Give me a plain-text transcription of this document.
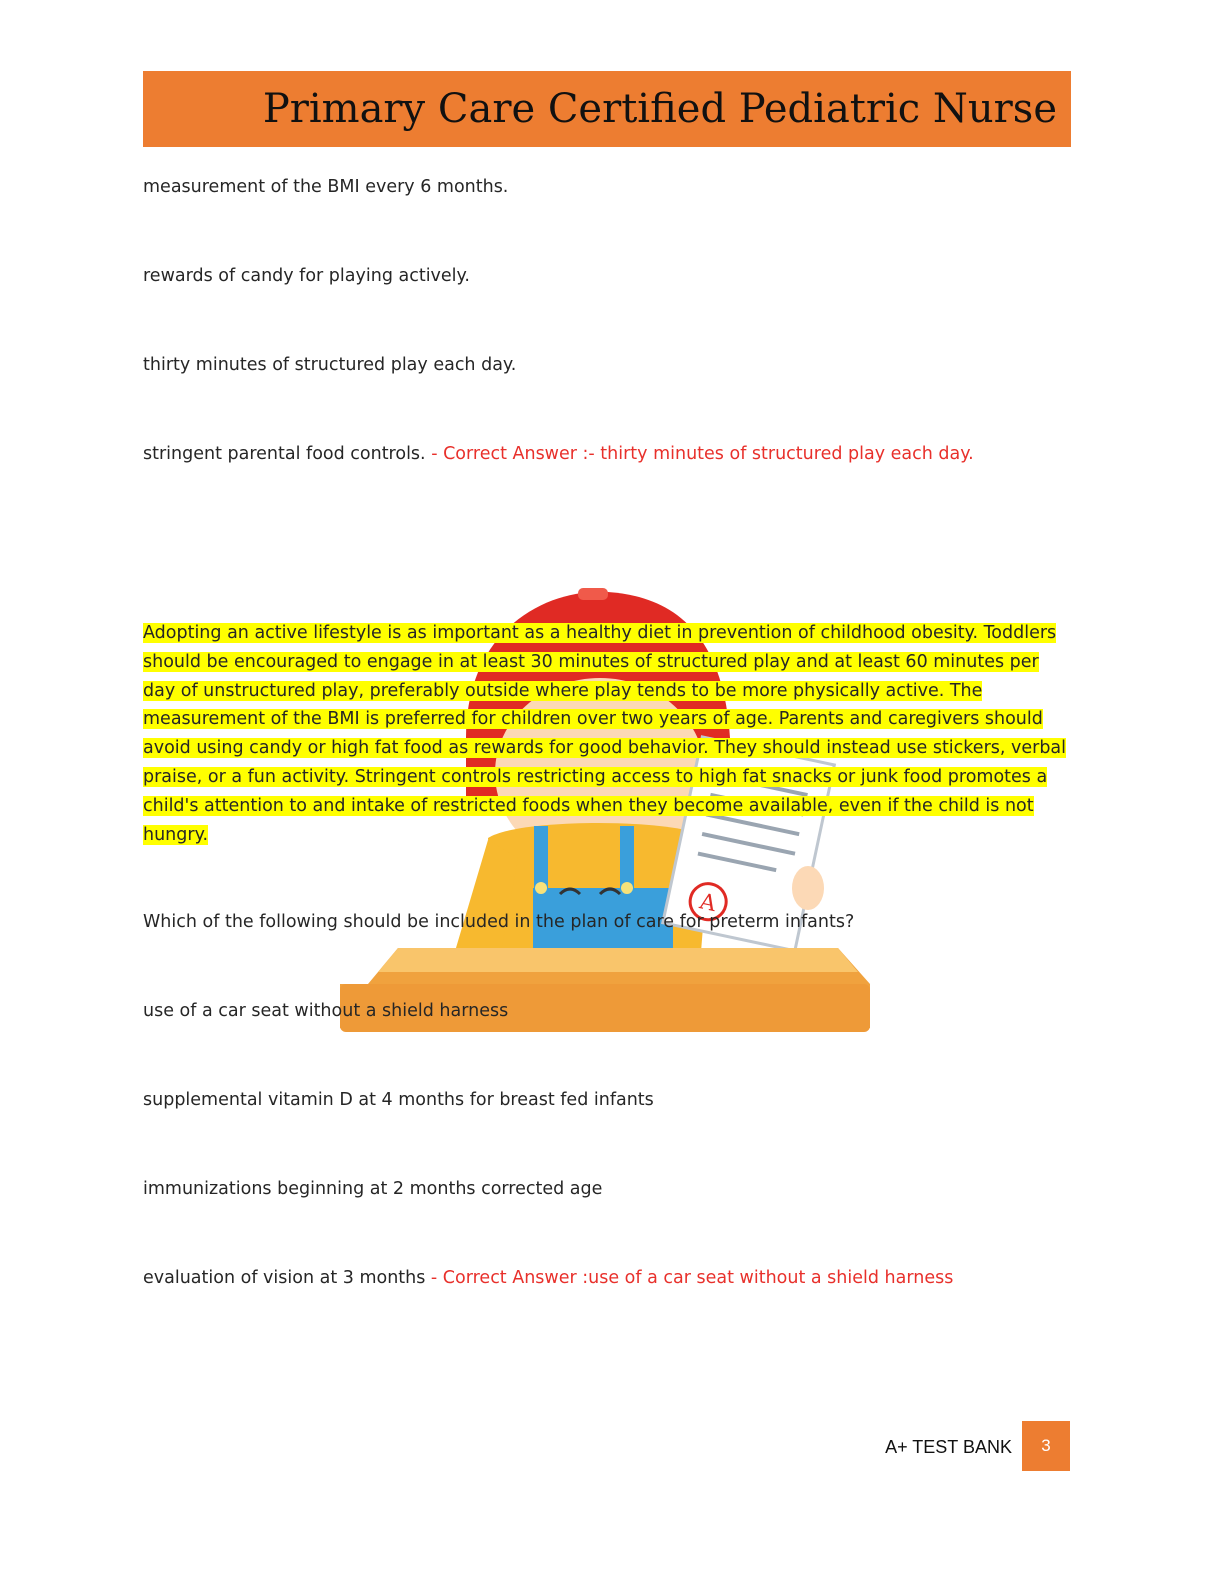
Primary Care Certified Pediatric Nurse
measurement of the BMI every 6 months.
rewards of candy for playing actively.
thirty minutes of structured play each day.
stringent parental food controls. - Correct Answer :- thirty minutes of structured play each day.
A
Adopting an active lifestyle is as important as a healthy diet in prevention of childhood obesity. Toddlers should be encouraged to engage in at least 30 minutes of structured play and at least 60 minutes per day of unstructured play, preferably outside where play tends to be more physically active. The measurement of the BMI is preferred for children over two years of age. Parents and caregivers should avoid using candy or high fat food as rewards for good behavior. They should instead use stickers, verbal praise, or a fun activity. Stringent controls restricting access to high fat snacks or junk food promotes a child's attention to and intake of restricted foods when they become available, even if the child is not hungry.
Which of the following should be included in the plan of care for preterm infants?
use of a car seat without a shield harness
supplemental vitamin D at 4 months for breast fed infants
immunizations beginning at 2 months corrected age
evaluation of vision at 3 months - Correct Answer :use of a car seat without a shield harness
A+ TEST BANK	3
